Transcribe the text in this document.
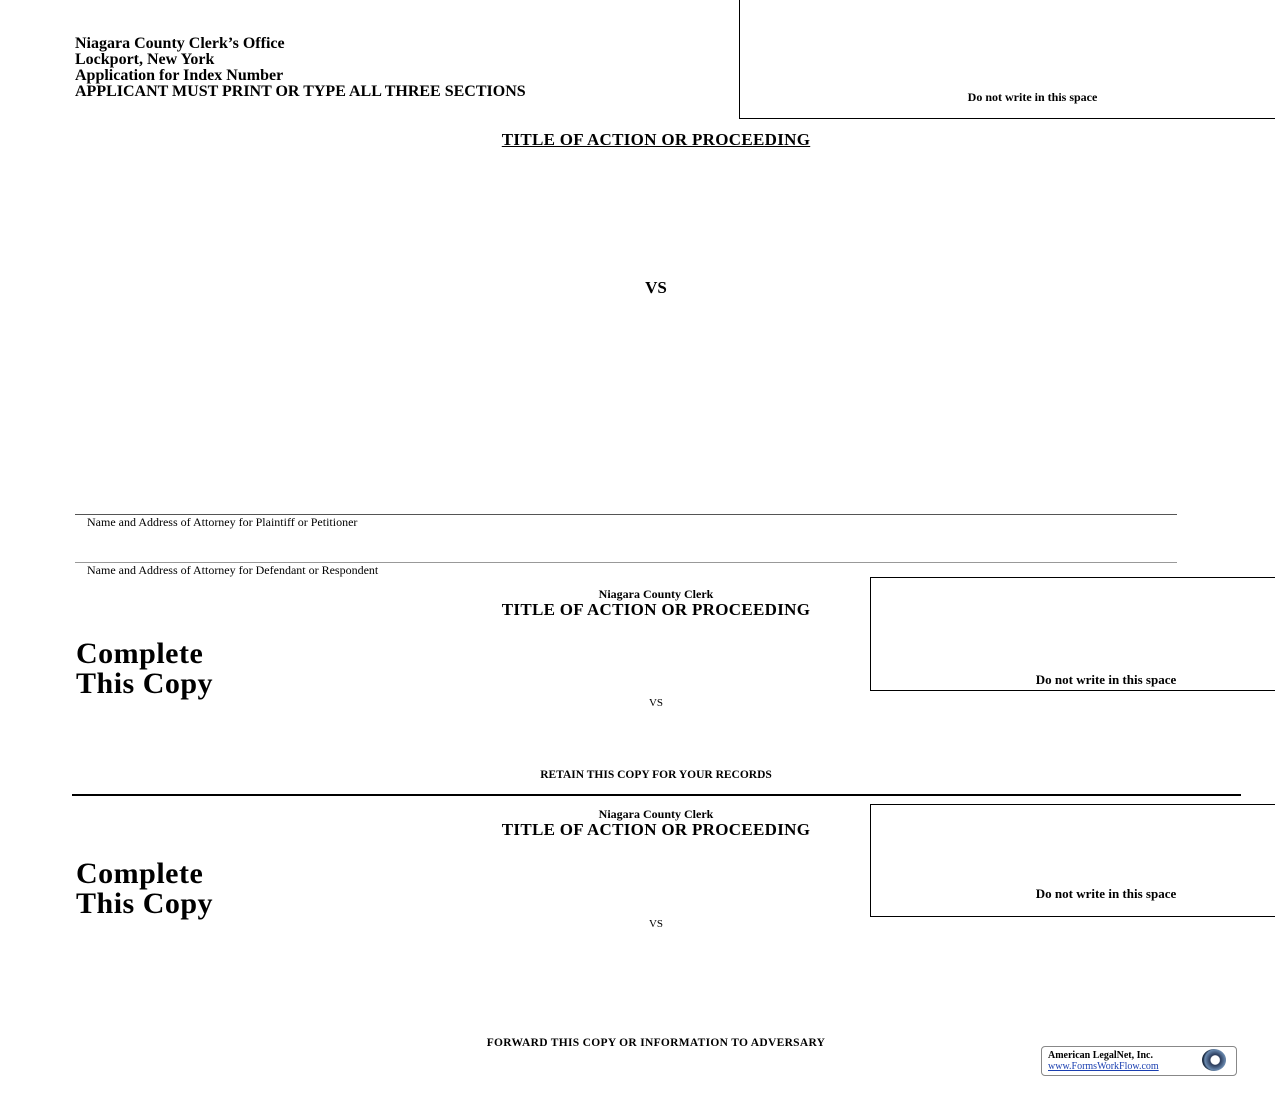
Niagara County Clerk’s Office
Lockport, New York
Application for Index Number
APPLICANT MUST PRINT OR TYPE ALL THREE SECTIONS	Do not write in this space
TITLE OF ACTION OR PROCEEDING
VS
Name and Address of Attorney for Plaintiff or Petitioner
Name and Address of Attorney for Defendant or Respondent
Niagara County Clerk
TITLE OF ACTION OR PROCEEDING
Complete
This Copy
VS
Do not write in this space
RETAIN THIS COPY FOR YOUR RECORDS
Niagara County Clerk
TITLE OF ACTION OR PROCEEDING
Complete
This Copy
VS
Do not write in this space
FORWARD THIS COPY OR INFORMATION TO ADVERSARY
American LegalNet, Inc.
www.FormsWorkFlow.com
